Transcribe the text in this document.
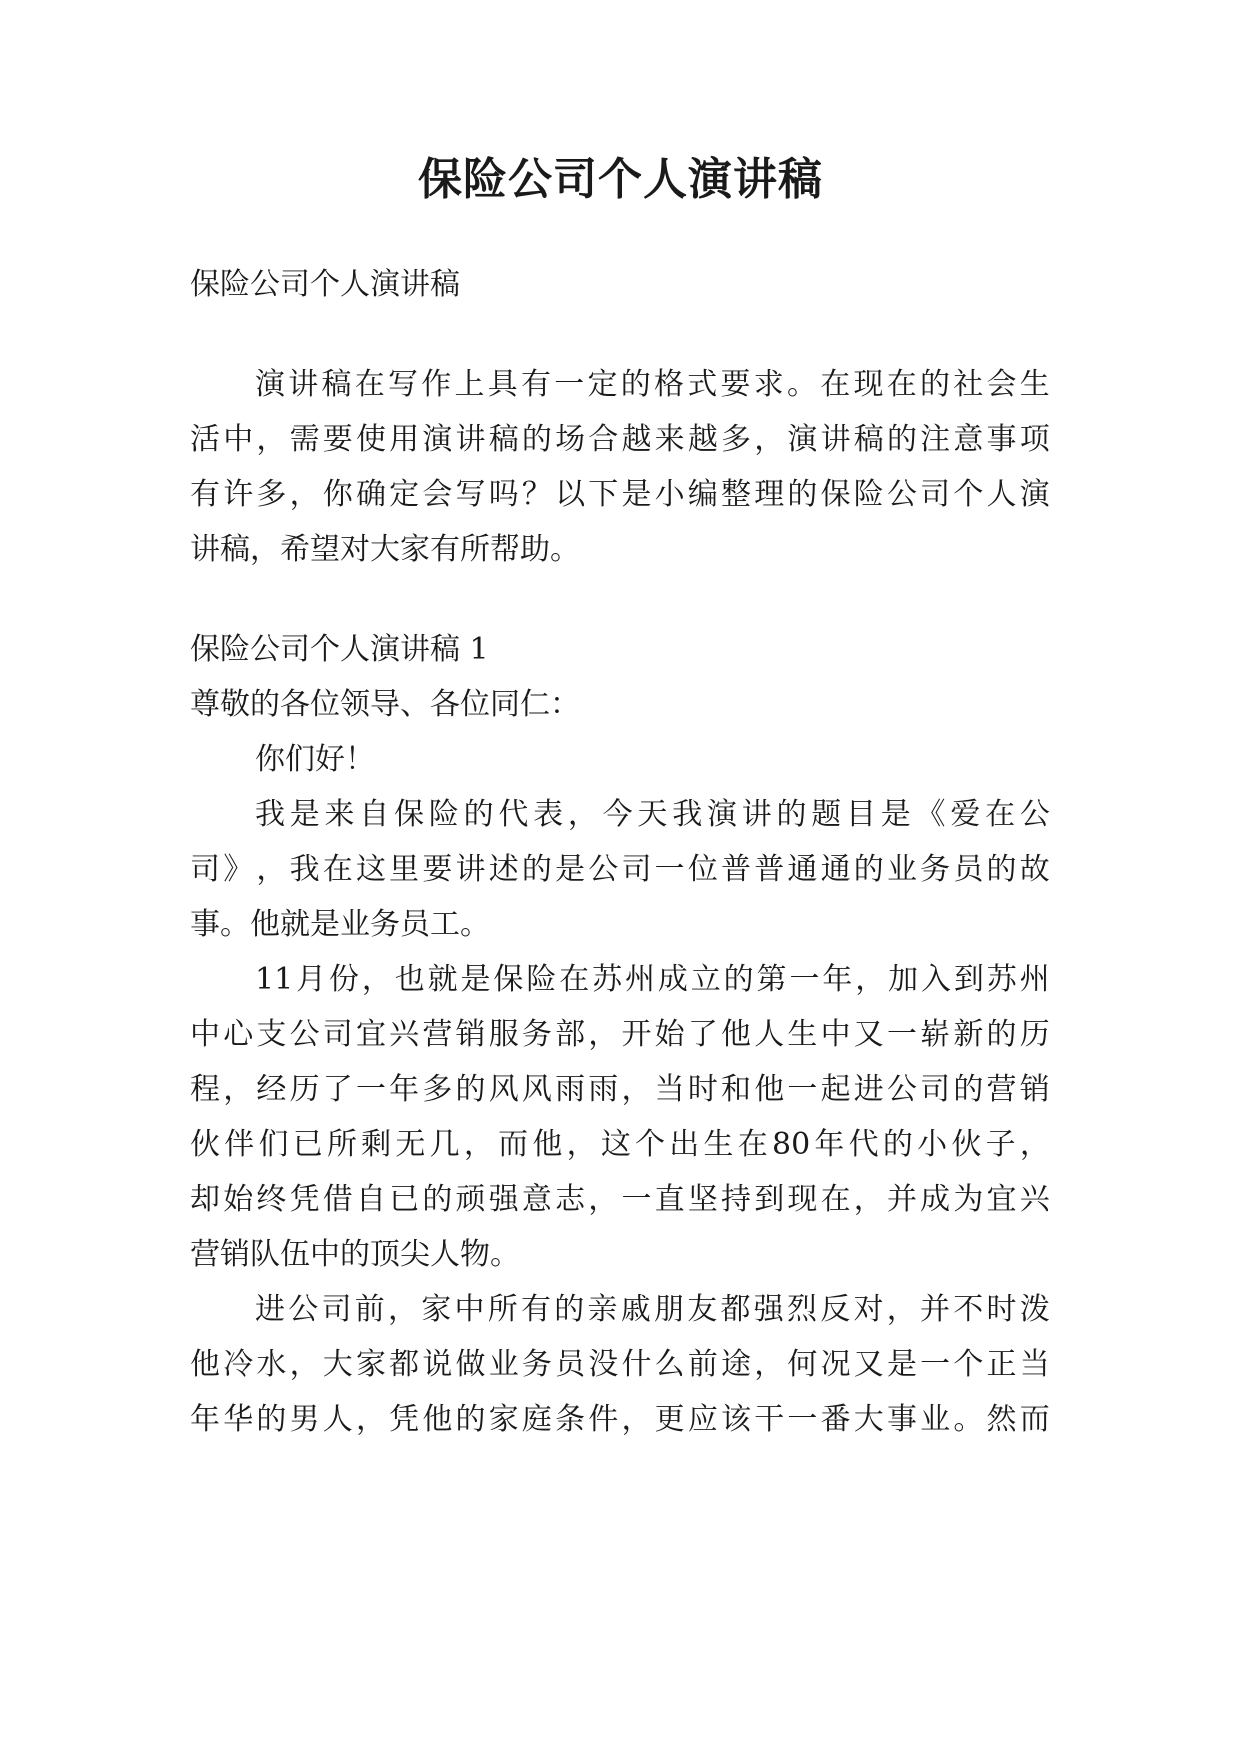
保险公司个人演讲稿

保险公司个人演讲稿

演 讲 稿 在 写 作 上 具 有 一 定 的 格 式 要 求 。 在 现 在 的 社 会 生

活 中 ， 需 要 使 用 演 讲 稿 的 场 合 越 来 越 多 ， 演 讲 稿 的 注 意 事 项

有 许 多 ， 你 确 定 会 写 吗 ？ 以 下 是 小 编 整 理 的 保 险 公 司 个 人 演

讲稿，希望对大家有所帮助。

保险公司个人演讲稿 1

尊敬的各位领导、各位同仁：

你们好！

我 是 来 自 保 险 的 代 表 ， 今 天 我 演 讲 的 题 目 是 《 爱 在 公

司 》 ， 我 在 这 里 要 讲 述 的 是 公 司 一 位 普 普 通 通 的 业 务 员 的 故

事。他就是业务员工。

11 月 份 ， 也 就 是 保 险 在 苏 州 成 立 的 第 一 年 ， 加 入 到 苏 州

中 心 支 公 司 宜 兴 营 销 服 务 部 ， 开 始 了 他 人 生 中 又 一 崭 新 的 历

程 ， 经 历 了 一 年 多 的 风 风 雨 雨 ， 当 时 和 他 一 起 进 公 司 的 营 销

伙 伴 们 已 所 剩 无 几 ， 而 他 ， 这 个 出 生 在 80 年 代 的 小 伙 子 ，

却 始 终 凭 借 自 已 的 顽 强 意 志 ， 一 直 坚 持 到 现 在 ， 并 成 为 宜 兴

营销队伍中的顶尖人物。

进 公 司 前 ， 家 中 所 有 的 亲 戚 朋 友 都 强 烈 反 对 ， 并 不 时 泼

他 冷 水 ， 大 家 都 说 做 业 务 员 没 什 么 前 途 ， 何 况 又 是 一 个 正 当

年 华 的 男 人 ， 凭 他 的 家 庭 条 件 ， 更 应 该 干 一 番 大 事 业 。 然 而
